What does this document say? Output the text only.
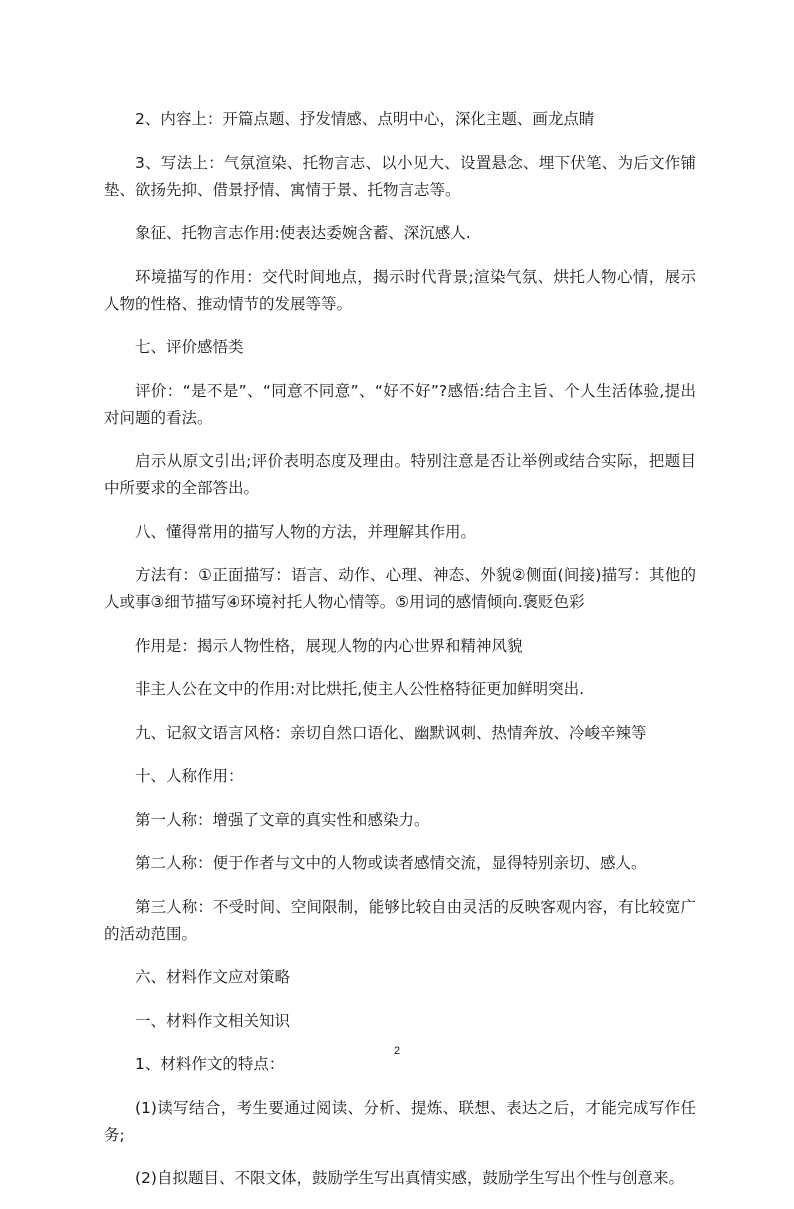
2、内容上：开篇点题、抒发情感、点明中心，深化主题、画龙点睛

3、写法上：气氛渲染、托物言志、以小见大、设置悬念、埋下伏笔、为后文作铺垫、欲扬先抑、借景抒情、寓情于景、托物言志等。

象征、托物言志作用:使表达委婉含蓄、深沉感人.

环境描写的作用：交代时间地点，揭示时代背景;渲染气氛、烘托人物心情，展示人物的性格、推动情节的发展等等。

七、评价感悟类

评价：“是不是”、“同意不同意”、“好不好”?感悟:结合主旨、个人生活体验,提出对问题的看法。

启示从原文引出;评价表明态度及理由。特别注意是否让举例或结合实际，把题目中所要求的全部答出。

八、懂得常用的描写人物的方法，并理解其作用。

方法有：①正面描写：语言、动作、心理、神态、外貌②侧面(间接)描写：其他的人或事③细节描写④环境衬托人物心情等。⑤用词的感情倾向.褒贬色彩

作用是：揭示人物性格，展现人物的内心世界和精神风貌

非主人公在文中的作用:对比烘托,使主人公性格特征更加鲜明突出.

九、记叙文语言风格：亲切自然口语化、幽默讽刺、热情奔放、冷峻辛辣等

十、人称作用：

第一人称：增强了文章的真实性和感染力。

第二人称：便于作者与文中的人物或读者感情交流，显得特别亲切、感人。

第三人称：不受时间、空间限制，能够比较自由灵活的反映客观内容，有比较宽广的活动范围。

六、材料作文应对策略

一、材料作文相关知识

1、材料作文的特点：

(1)读写结合，考生要通过阅读、分析、提炼、联想、表达之后，才能完成写作任务;

(2)自拟题目、不限文体，鼓励学生写出真情实感，鼓励学生写出个性与创意来。

2
